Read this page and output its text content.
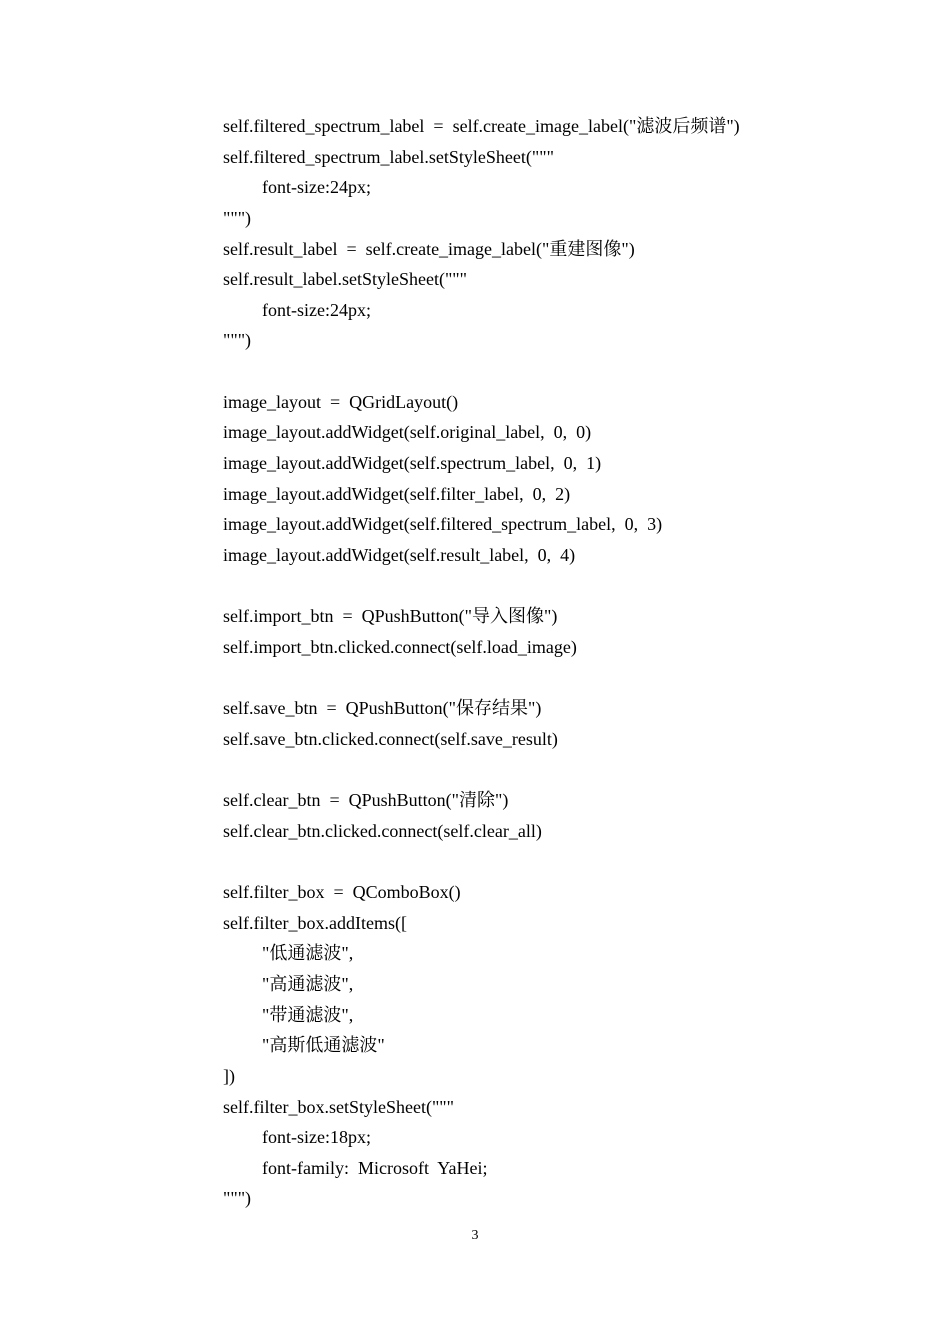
self.filtered_spectrum_label  =  self.create_image_label("滤波后频谱")
self.filtered_spectrum_label.setStyleSheet("""
font-size:24px;
""")
self.result_label  =  self.create_image_label("重建图像")
self.result_label.setStyleSheet("""
font-size:24px;
""")
image_layout  =  QGridLayout()
image_layout.addWidget(self.original_label,  0,  0)
image_layout.addWidget(self.spectrum_label,  0,  1)
image_layout.addWidget(self.filter_label,  0,  2)
image_layout.addWidget(self.filtered_spectrum_label,  0,  3)
image_layout.addWidget(self.result_label,  0,  4)
self.import_btn  =  QPushButton("导入图像")
self.import_btn.clicked.connect(self.load_image)
self.save_btn  =  QPushButton("保存结果")
self.save_btn.clicked.connect(self.save_result)
self.clear_btn  =  QPushButton("清除")
self.clear_btn.clicked.connect(self.clear_all)
self.filter_box  =  QComboBox()
self.filter_box.addItems([
"低通滤波",
"高通滤波",
"带通滤波",
"高斯低通滤波"
])
self.filter_box.setStyleSheet("""
font-size:18px;
font-family:  Microsoft  YaHei;
""")
3
